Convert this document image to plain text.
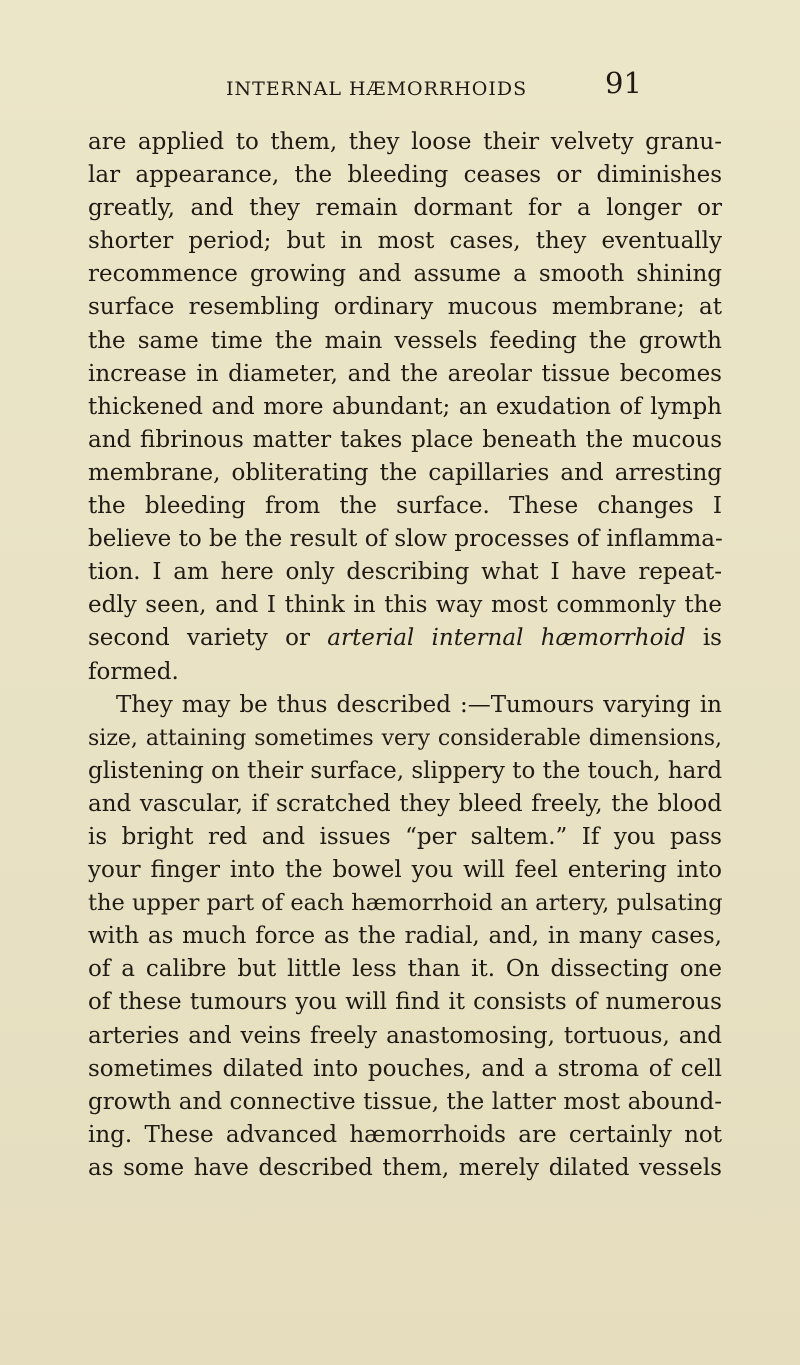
INTERNAL HÆMORRHOIDS	91
are applied to them, they loose their velvety granu-
lar appearance, the bleeding ceases or diminishes
greatly, and they remain dormant for a longer or
shorter period; but in most cases, they eventually
recommence growing and assume a smooth shining
surface resembling ordinary mucous membrane; at
the same time the main vessels feeding the growth
increase in diameter, and the areolar tissue becomes
thickened and more abundant; an exudation of lymph
and fibrinous matter takes place beneath the mucous
membrane, obliterating the capillaries and arresting
the bleeding from the surface. These changes I
believe to be the result of slow processes of inflamma-
tion. I am here only describing what I have repeat-
edly seen, and I think in this way most commonly the
second variety or arterial internal hæmorrhoid is
formed.
They may be thus described :—Tumours varying in
size, attaining sometimes very considerable dimensions,
glistening on their surface, slippery to the touch, hard
and vascular, if scratched they bleed freely, the blood
is bright red and issues “per saltem.” If you pass
your finger into the bowel you will feel entering into
the upper part of each hæmorrhoid an artery, pulsating
with as much force as the radial, and, in many cases,
of a calibre but little less than it. On dissecting one
of these tumours you will find it consists of numerous
arteries and veins freely anastomosing, tortuous, and
sometimes dilated into pouches, and a stroma of cell
growth and connective tissue, the latter most abound-
ing. These advanced hæmorrhoids are certainly not
as some have described them, merely dilated vessels
